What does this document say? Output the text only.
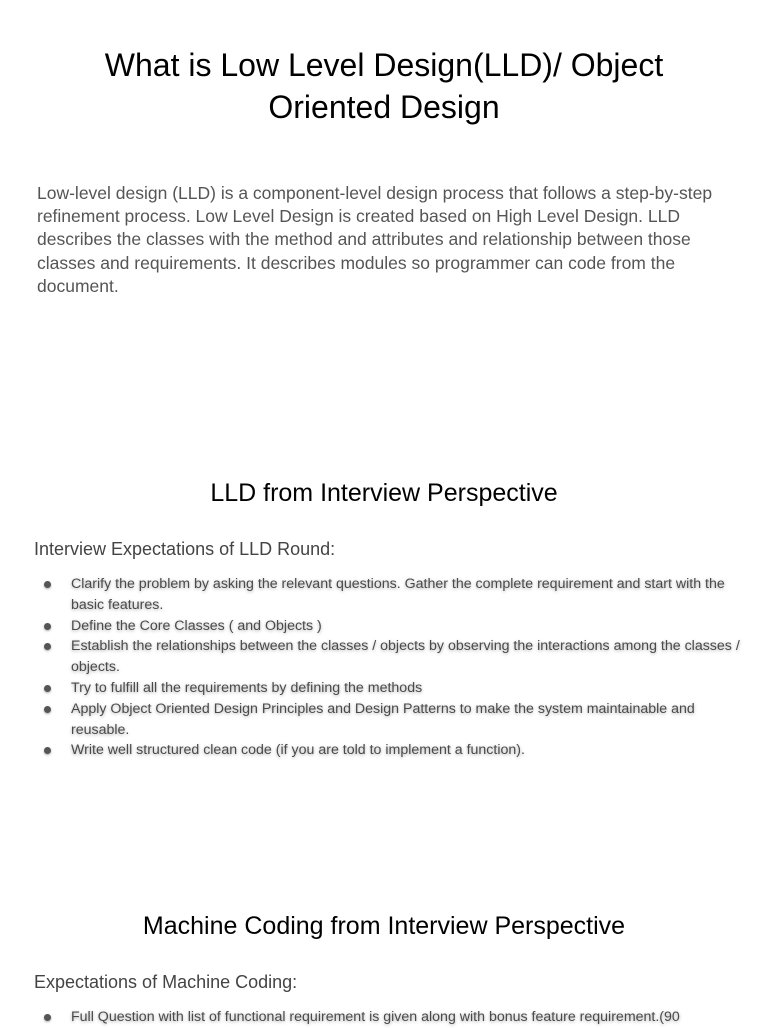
What is Low Level Design(LLD)/ Object Oriented Design

Low-level design (LLD) is a component-level design process that follows a step-by-step refinement process. Low Level Design is created based on High Level Design. LLD describes the classes with the method and attributes and relationship between those classes and requirements. It describes modules so programmer can code from the document.

LLD from Interview Perspective
Interview Expectations of LLD Round:
Clarify the problem by asking the relevant questions. Gather the complete requirement and start with the basic features.
Define the Core Classes ( and Objects )
Establish the relationships between the classes / objects by observing the interactions among the classes / objects.
Try to fulfill all the requirements by defining the methods
Apply Object Oriented Design Principles and Design Patterns to make the system maintainable and reusable.
Write well structured clean code (if you are told to implement a function).
Machine Coding from Interview Perspective
Expectations of Machine Coding:
Full Question with list of functional requirement is given along with bonus feature requirement.(90
